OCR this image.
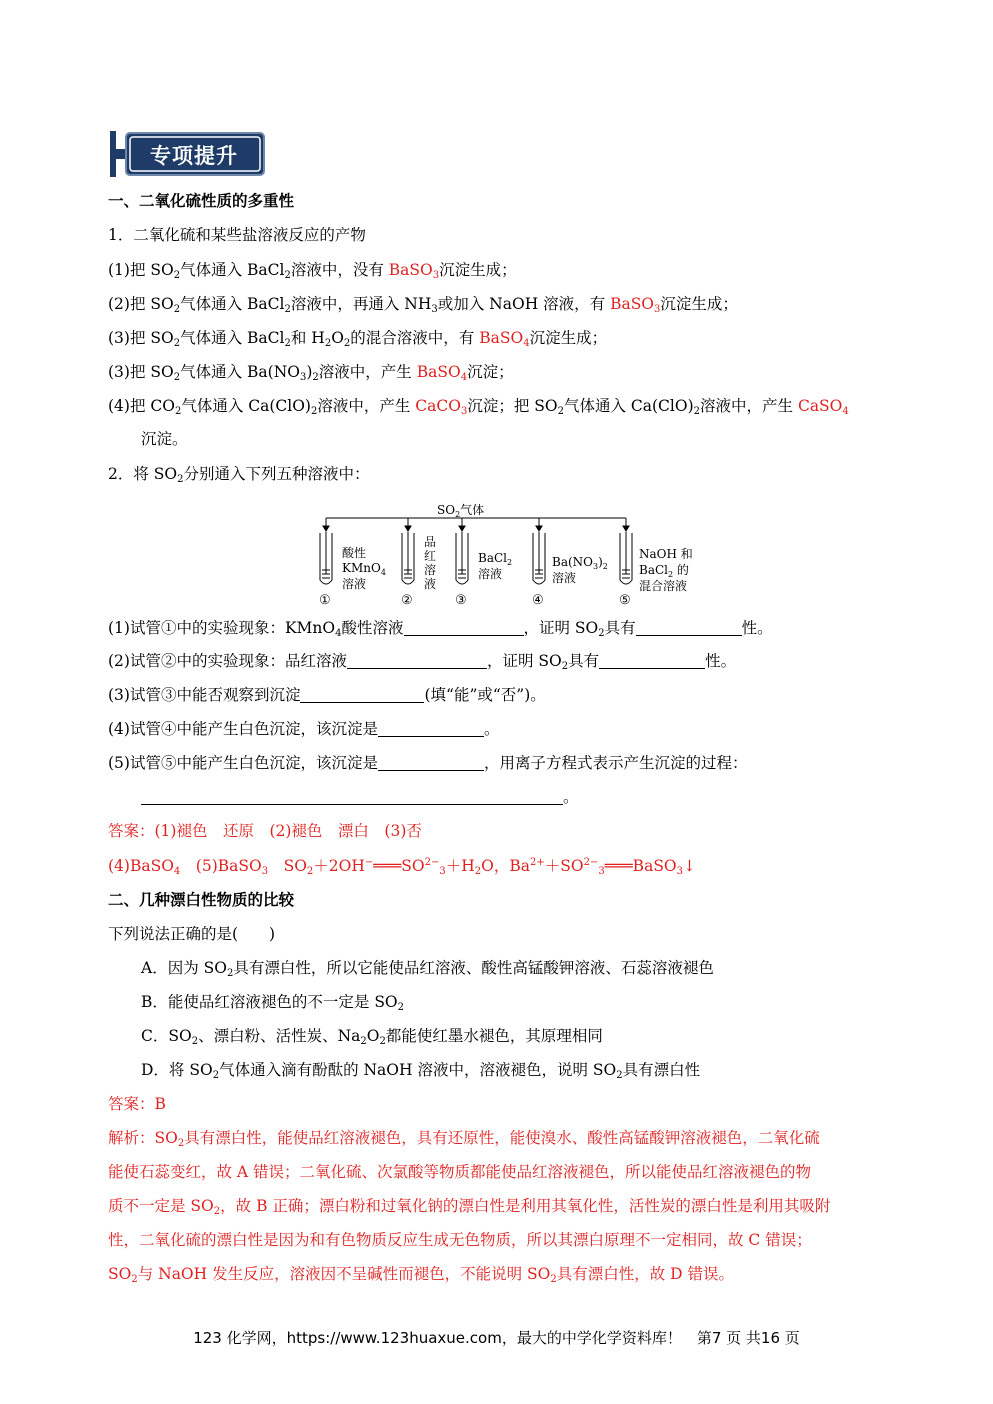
专项提升
一、二氧化硫性质的多重性
1．二氧化硫和某些盐溶液反应的产物
(1)把 $SO_2$气体通入 BaCl$_2$溶液中，没有 BaSO$_3$沉淀生成；
(2)把 $SO_2$气体通入 BaCl$_2$溶液中，再通入 $NH_3$或加入 NaOH 溶液，有 BaSO$_3$沉淀生成；
(3)把 $SO_2$气体通入 BaCl$_2$和 $H_2O_2$的混合溶液中，有 BaSO$_4$沉淀生成；
(3)把 $SO_2$气体通入 $Ba(NO_3)_2$溶液中，产生 BaSO$_4$沉淀；
(4)把 $CO_2$气体通入 $Ca(ClO)_2$溶液中，产生 CaCO$_3$沉淀；把 $SO_2$气体通入 $Ca(ClO)_2$溶液中，产生 CaSO$_4$
沉淀。
2．将 $SO_2$分别通入下列五种溶液中：
$SO_2$气体
酸性
KMnO$_4$
溶液
①
品
红
溶
液
②
BaCl$_2$
溶液
③
$Ba(NO_3)_2$
溶液
④
NaOH 和
BaCl$_2$ 的
混合溶液
⑤
(1)试管①中的实验现象：KMnO$_4$酸性溶液	，证明 $SO_2$具有	性。
(2)试管②中的实验现象：品红溶液	，证明 $SO_2$具有	性。
(3)试管③中能否观察到沉淀	(填“能”或“否”)。
(4)试管④中能产生白色沉淀，该沉淀是	。
(5)试管⑤中能产生白色沉淀，该沉淀是	，用离子方程式表示产生沉淀的过程：
。
答案：(1)褪色　还原　(2)褪色　漂白　(3)否
(4)BaSO$_4$　(5)BaSO$_3$　$SO_2+2OH^-═══SO^{2-}_3+H_2O$，$Ba^{2+}+SO^{2-}_3═══BaSO_3↓$
二、几种漂白性物质的比较
下列说法正确的是(　　)
A．因为 $SO_2$具有漂白性，所以它能使品红溶液、酸性高锰酸钾溶液、石蕊溶液褪色
B．能使品红溶液褪色的不一定是 $SO_2$
C．$SO_2$、漂白粉、活性炭、$Na_2O_2$都能使红墨水褪色，其原理相同
D．将 $SO_2$气体通入滴有酚酞的 NaOH 溶液中，溶液褪色，说明 $SO_2$具有漂白性
答案：B
解析：$SO_2$具有漂白性，能使品红溶液褪色，具有还原性，能使溴水、酸性高锰酸钾溶液褪色，二氧化硫
能使石蕊变红，故 A 错误；二氧化硫、次氯酸等物质都能使品红溶液褪色，所以能使品红溶液褪色的物
质不一定是 $SO_2$，故 B 正确；漂白粉和过氧化钠的漂白性是利用其氧化性，活性炭的漂白性是利用其吸附
性，二氧化硫的漂白性是因为和有色物质反应生成无色物质，所以其漂白原理不一定相同，故 C 错误；
$SO_2$与 NaOH 发生反应，溶液因不呈碱性而褪色，不能说明 $SO_2$具有漂白性，故 D 错误。
123 化学网，https://www.123huaxue.com，最大的中学化学资料库！　第7 页 共16 页
